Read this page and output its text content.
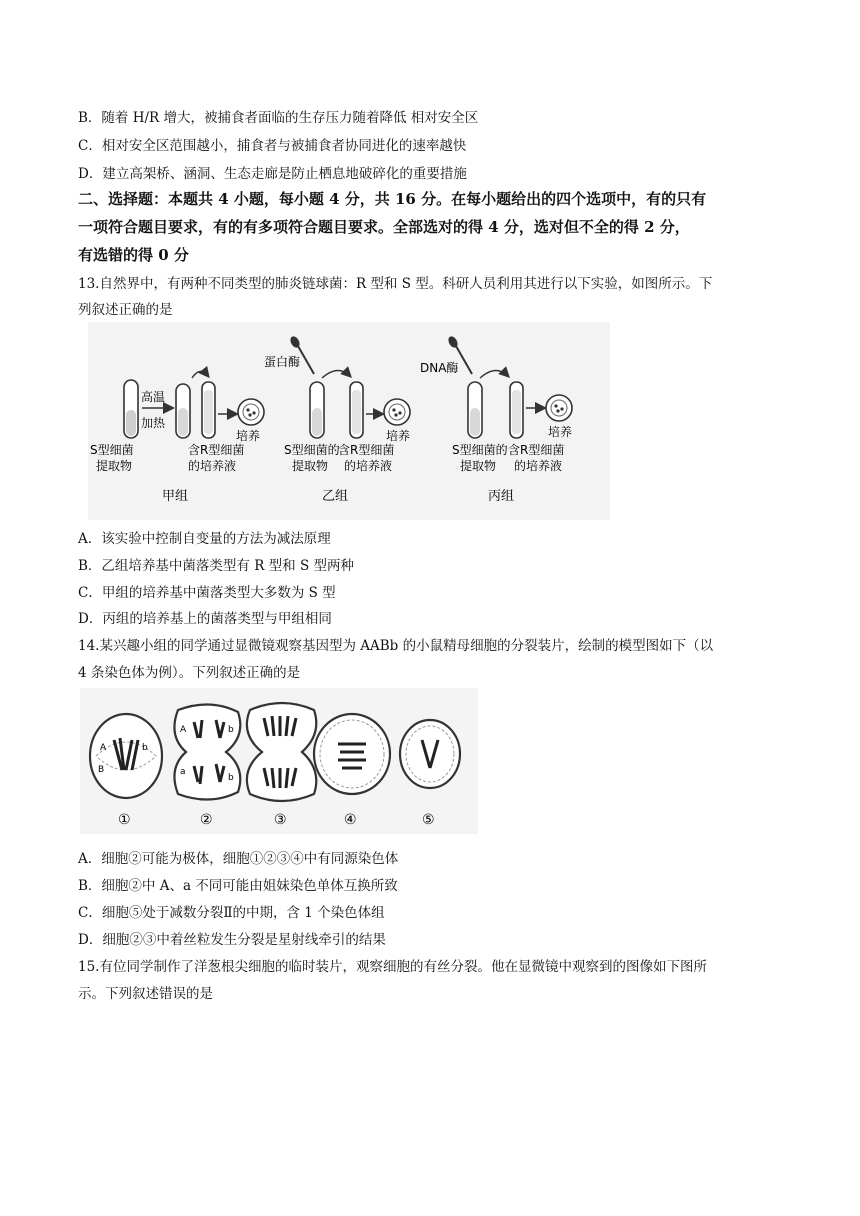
B．随着 H/R 增大，被捕食者面临的生存压力随着降低 相对安全区
C．相对安全区范围越小，捕食者与被捕食者协同进化的速率越快
D．建立高架桥、涵洞、生态走廊是防止栖息地破碎化的重要措施
二、选择题：本题共 4 小题，每小题 4 分，共 16 分。在每小题给出的四个选项中，有的只有
一项符合题目要求，有的有多项符合题目要求。全部选对的得 4 分，选对但不全的得 2 分，
有选错的得 0 分
13.自然界中，有两种不同类型的肺炎链球菌：R 型和 S 型。科研人员利用其进行以下实验，如图所示。下
列叙述正确的是
高温
加热
培养
S型细菌
提取物
含R型细菌
的培养液
甲组
蛋白酶
培养
S型细菌的
提取物
含R型细菌
的培养液
乙组
DNA酶
培养
S型细菌的
提取物
含R型细菌
的培养液
丙组
A．该实验中控制自变量的方法为减法原理
B．乙组培养基中菌落类型有 R 型和 S 型两种
C．甲组的培养基中菌落类型大多数为 S 型
D．丙组的培养基上的菌落类型与甲组相同
14.某兴趣小组的同学通过显微镜观察基因型为 AABb 的小鼠精母细胞的分裂装片，绘制的模型图如下（以
4 条染色体为例）。下列叙述正确的是
A
B
b
A	b
a
b
①	②	③	④	⑤
A．细胞②可能为极体，细胞①②③④中有同源染色体
B．细胞②中 A、a 不同可能由姐妹染色单体互换所致
C．细胞⑤处于减数分裂Ⅱ的中期，含 1 个染色体组
D．细胞②③中着丝粒发生分裂是星射线牵引的结果
15.有位同学制作了洋葱根尖细胞的临时装片，观察细胞的有丝分裂。他在显微镜中观察到的图像如下图所
示。下列叙述错误的是
